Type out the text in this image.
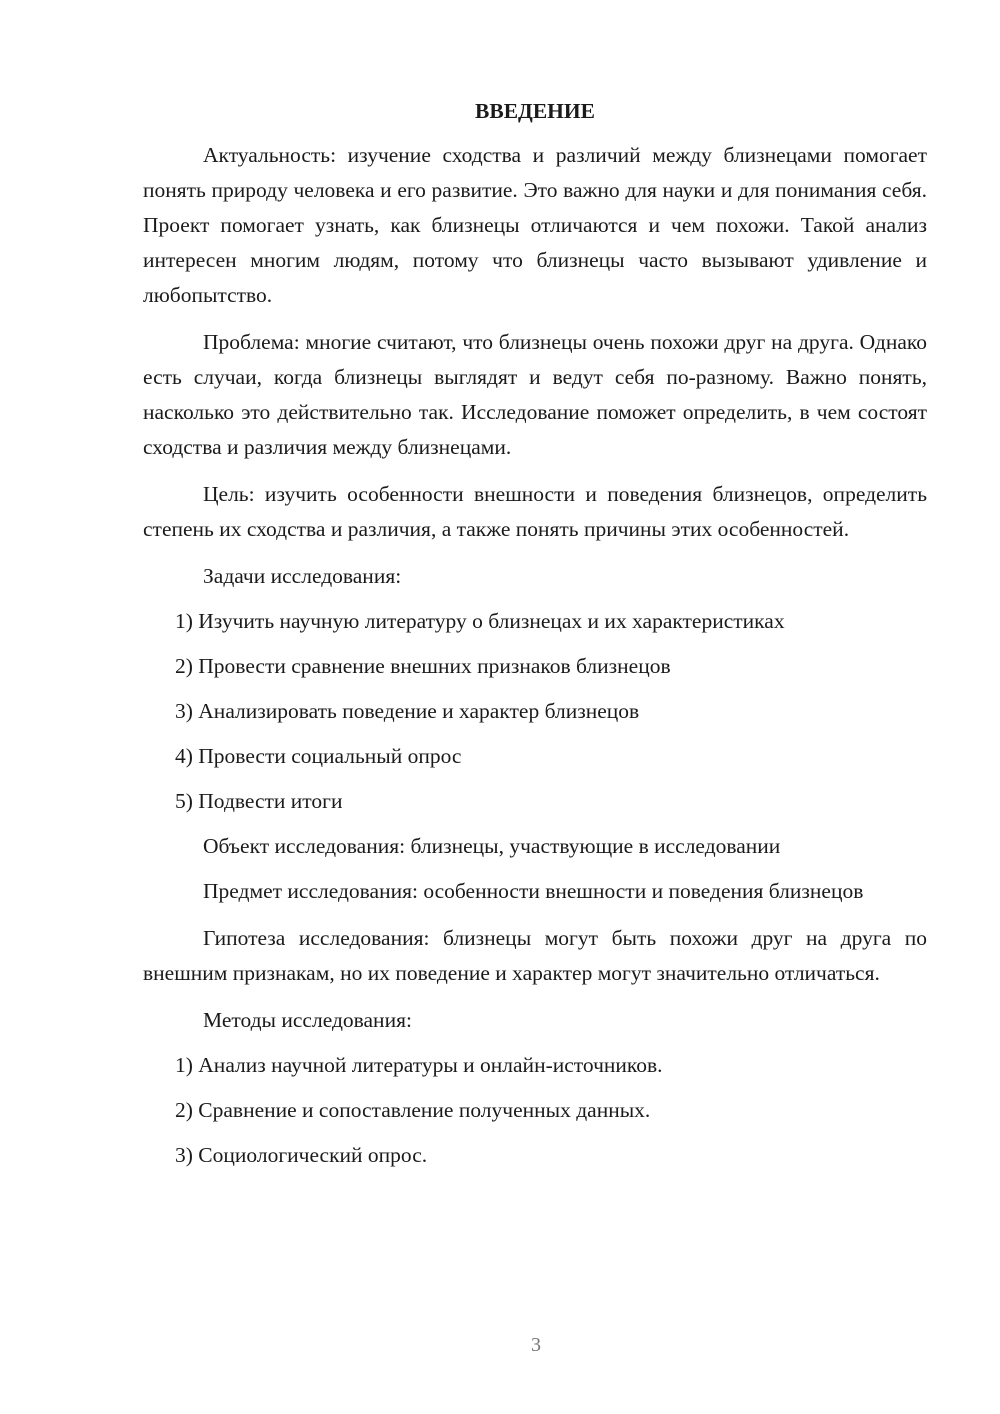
ВВЕДЕНИЕ

Актуальность: изучение сходства и различий между близнецами помогает понять природу человека и его развитие. Это важно для науки и для понимания себя. Проект помогает узнать, как близнецы отличаются и чем похожи. Такой анализ интересен многим людям, потому что близнецы часто вызывают удивление и любопытство.

Проблема: многие считают, что близнецы очень похожи друг на друга. Однако есть случаи, когда близнецы выглядят и ведут себя по-разному. Важно понять, насколько это действительно так. Исследование поможет определить, в чем состоят сходства и различия между близнецами.

Цель: изучить особенности внешности и поведения близнецов, определить степень их сходства и различия, а также понять причины этих особенностей.

Задачи исследования:

1) Изучить научную литературу о близнецах и их характеристиках
2) Провести сравнение внешних признаков близнецов
3) Анализировать поведение и характер близнецов
4) Провести социальный опрос
5) Подвести итоги

Объект исследования: близнецы, участвующие в исследовании

Предмет исследования: особенности внешности и поведения близнецов

Гипотеза исследования: близнецы могут быть похожи друг на друга по внешним признакам, но их поведение и характер могут значительно отличаться.

Методы исследования:

1) Анализ научной литературы и онлайн-источников.
2) Сравнение и сопоставление полученных данных.
3) Социологический опрос.
3
